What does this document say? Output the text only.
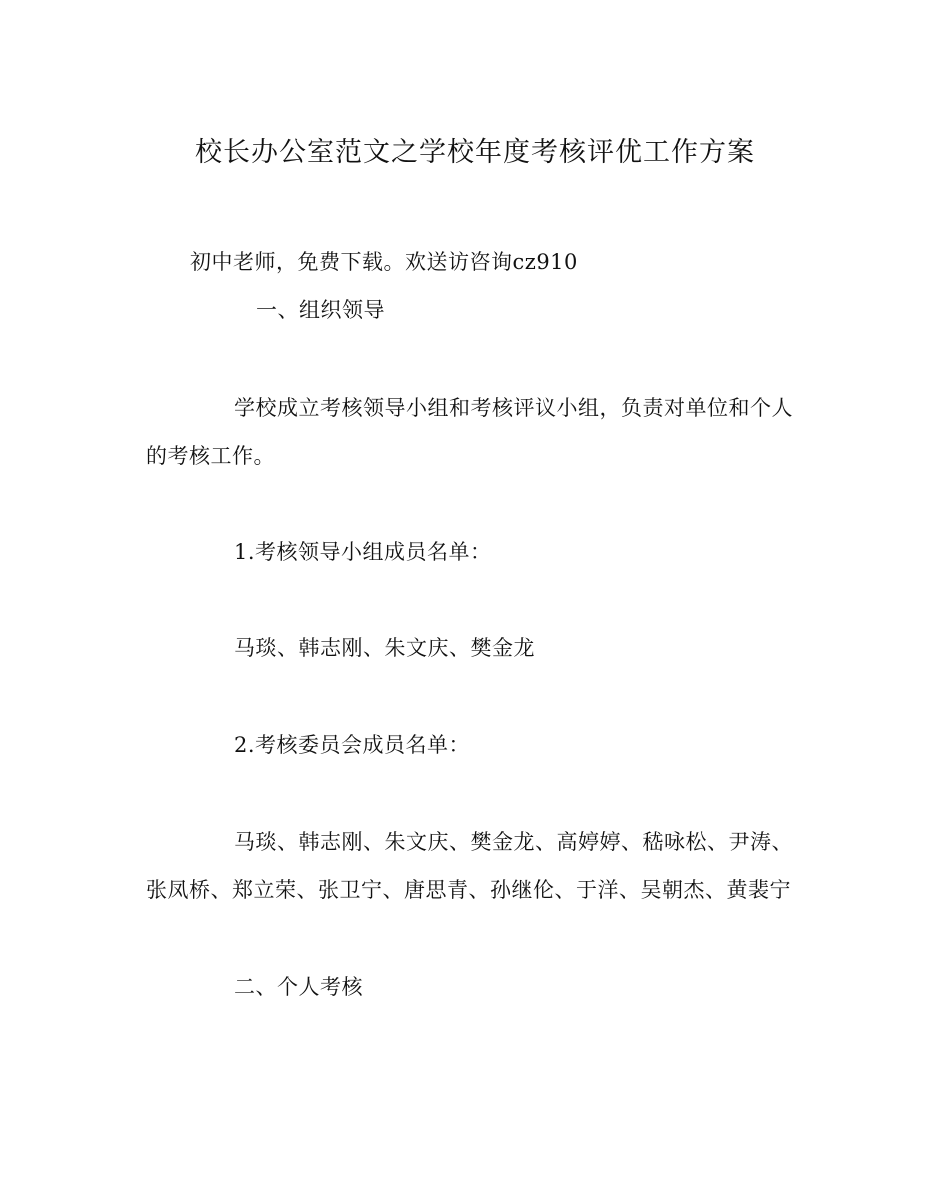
校长办公室范文之学校年度考核评优工作方案
初中老师，免费下载。欢送访咨询cz910
一、组织领导
学校成立考核领导小组和考核评议小组，负责对单位和个人
的考核工作。
1.考核领导小组成员名单：
马琰、韩志刚、朱文庆、樊金龙
2.考核委员会成员名单：
马琰、韩志刚、朱文庆、樊金龙、高婷婷、嵇咏松、尹涛、
张凤桥、郑立荣、张卫宁、唐思青、孙继伦、于洋、吴朝杰、黄裴宁
二、个人考核
